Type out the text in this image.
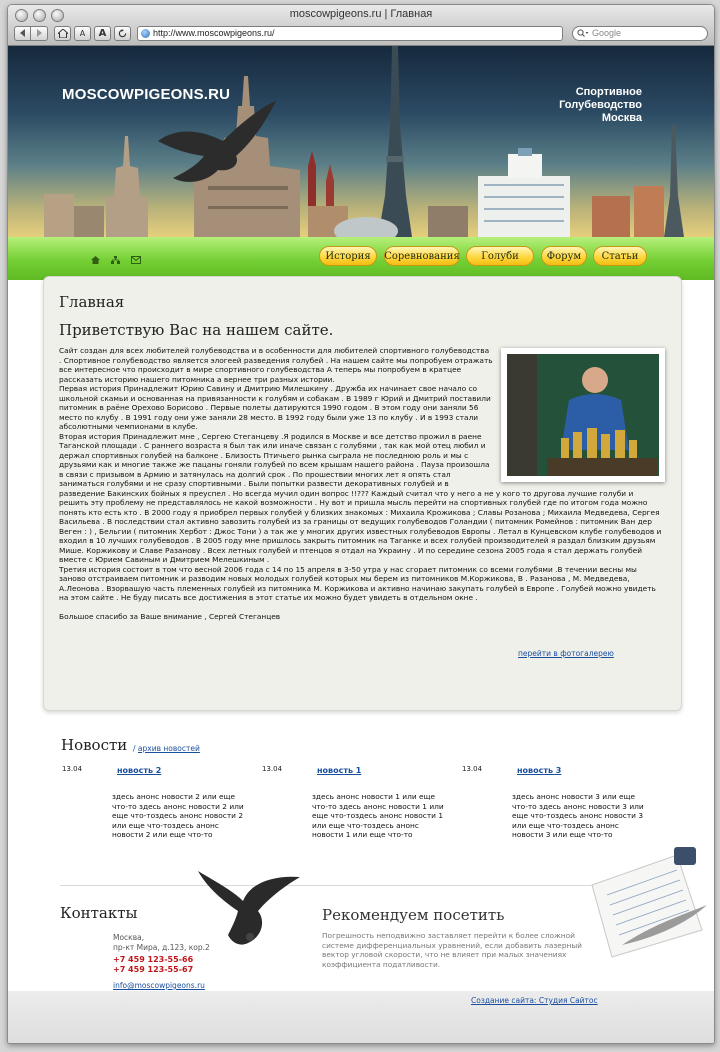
moscowpigeons.ru | Главная
A	A	http://www.moscowpigeons.ru/	Google
MOSCOWPIGEONS.RU	Спортивное
Голубеводство
Москва
История	Соревнования	Голуби	Форум	Статьи
Главная
Приветствую Вас на нашем сайте.

Сайт создан для всех любителей голубеводства и в особенности для любителей спортивного голубеводства . Спортивное голубеводство является элогеей разведения голубей . На нашем сайте мы попробуем отражать все интересное что происходит в мире спортивного голубеводства А теперь мы попробуем в кратцее рассказать историю нашего питомника а вернее три разных истории.

Первая история Принадлежит Юрию Савину и Дмитрию Милешкину . Дружба их начинает свое начало со школьной скамьи и основанная на привязанности к голубям и собакам . В 1989 г Юрий и Дмитрий поставили питомник в раёне Орехово Борисово . Первые полеты датируются 1990 годом . В этом году они заняли 56 место по клубу . В 1991 году они уже заняли 28 место. В 1992 году были уже 13 по клубу . И в 1993 стали абсолютными чемпионами в клубе.

Вторая история Принадлежит мне , Сергею Стеганцеву .Я родился в Москве и все детство прожил в раене Таганской площади . С раннего возраста я был так или иначе связан с голубями , так как мой отец любил и держал спортивных голубей на балконе . Близость Птичьего рынка сыграла не последнюю роль и мы с друзьями как и многие также же пацаны гоняли голубей по всем крышам нашего района . Пауза произошла в связи с призывом в Армию и затянулась на долгий срок . По прошествии многих лет я опять стал заниматься голубями и не сразу спортивными . Были попытки развести декоративных голубей и в разведение Бакинских бойных я преуспел . Но всегда мучил один вопрос !!??? Каждый считал что у него а не у кого то другова лучшие голуби и решить эту проблему не представлялось не какой возможности . Ну вот и пришла мысль перейти на спортивных голубей где по итогом года можно понять кто есть кто . В 2000 году я приобрел первых голубей у близких знакомых : Михаила Крожикова ; Славы Розанова ; Михаила Медведева, Сергея Васильева . В последствии стал активно завозить голубей из за границы от ведущих голубеводов Голандии ( питомник Ромейнов : питомник Ван дер Веген : ) , Бельгии ( питомник Хербот : Джос Тони ) а так же у многих других известных голубеводов Европы . Летал в Кунцевском клубе голубеводов и входил в 10 лучших голубеводов . В 2005 году мне пришлось закрыть питомник на Таганке и всех голубей производителей я раздал близким друзьям Мише. Коржикову и Славе Разанову . Всех летных голубей и птенцов я отдал на Украину . И по середине сезона 2005 года я стал держать голубей вместе с Юрием Савиным и Дмитрием Мелешкиным .

Третия история состоит в том что весной 2006 года с 14 по 15 апреля в 3-50 утра у нас сгорает питомник со всеми голубями .В течении весны мы заново отстраиваем питомник и разводим новых молодых голубей которых мы берем из питомников М.Коржикова, В . Разанова , М. Медведева, А.Леонова . Взорвашую часть племенных голубей из питомника М. Коржикова и активно начинаю закупать голубей в Европе . Голубей можно увидеть на этом сайте . Не буду писать все достижения в этот статье их можно будет увидеть в отдельном окне .

Большое спасибо за Ваше внимание , Сергей Стеганцев

перейти в фотогалерею
Новости / архив новостей
13.04	новость 2
здесь анонс новости 2 или еще что-то здесь анонс новости 2 или еще что-тоздесь анонс новости 2 или еще что-тоздесь анонс новости 2 или еще что-то
13.04	новость 1
здесь анонс новости 1 или еще что-то здесь анонс новости 1 или еще что-тоздесь анонс новости 1 или еще что-тоздесь анонс новости 1 или еще что-то
13.04	новость 3
здесь анонс новости 3 или еще что-то здесь анонс новости 3 или еще что-тоздесь анонс новости 3 или еще что-тоздесь анонс новости 3 или еще что-то
Контакты
Москва,
пр-кт Мира, д.123, кор.2
+7 459 123-55-66
+7 459 123-55-67
info@moscowpigeons.ru
Рекомендуем посетить
Погрешность неподвижно заставляет перейти к более сложной системе дифференциальных уравнений, если добавить лазерный вектор угловой скорости, что не влияет при малых значениях коэффициента податливости.
Создание сайта: Студия Сайтос
